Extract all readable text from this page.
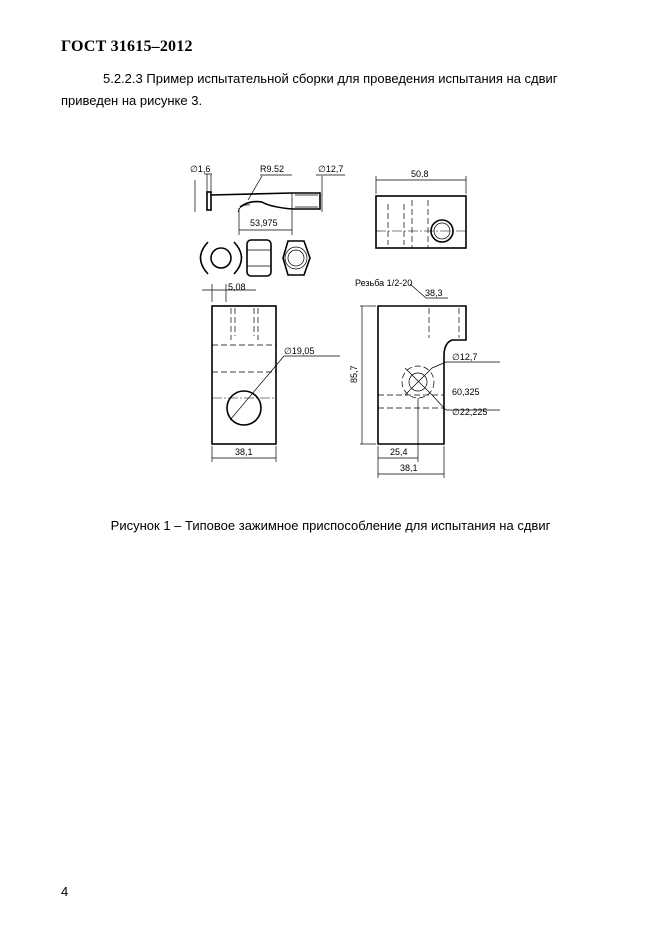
ГОСТ 31615–2012
5.2.2.3 Пример испытательной сборки для проведения испытания на сдвиг приведен на рисунке 3.
∅1,6	R9.52	∅12,7
53,975
50.8
5,08
∅19,05
38,1
Резьба 1/2-20
38,3
85,7
∅12,7
60,325
∅22,225
25,4
38,1
Рисунок 1 – Типовое зажимное приспособление для испытания на сдвиг
4
